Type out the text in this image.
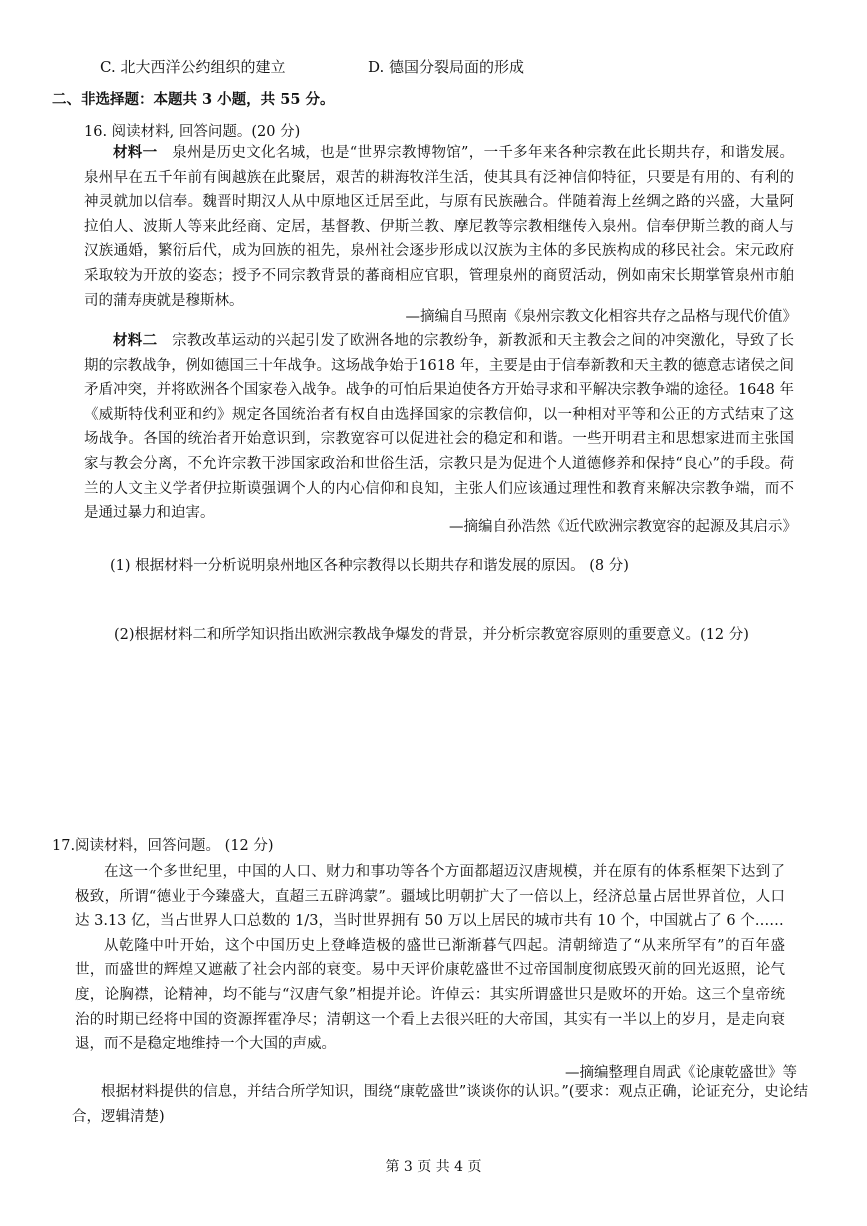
C. 北大西洋公约组织的建立	D. 德国分裂局面的形成
二、非选择题：本题共 3 小题，共 55 分。
16. 阅读材料, 回答问题。(20 分)

材料一  泉州是历史文化名城，也是“世界宗教博物馆”，一千多年来各种宗教在此长期共存，和谐发展。泉州早在五千年前有闽越族在此聚居，艰苦的耕海牧洋生活，使其具有泛神信仰特征，只要是有用的、有利的神灵就加以信奉。魏晋时期汉人从中原地区迁居至此，与原有民族融合。伴随着海上丝绸之路的兴盛，大量阿拉伯人、波斯人等来此经商、定居，基督教、伊斯兰教、摩尼教等宗教相继传入泉州。信奉伊斯兰教的商人与汉族通婚，繁衍后代，成为回族的祖先，泉州社会逐步形成以汉族为主体的多民族构成的移民社会。宋元政府采取较为开放的姿态；授予不同宗教背景的蕃商相应官职，管理泉州的商贸活动，例如南宋长期掌管泉州市舶司的蒲寿庚就是穆斯林。

—摘编自马照南《泉州宗教文化相容共存之品格与现代价值》

材料二  宗教改革运动的兴起引发了欧洲各地的宗教纷争，新教派和天主教会之间的冲突激化，导致了长期的宗教战争，例如德国三十年战争。这场战争始于1618 年，主要是由于信奉新教和天主教的德意志诸侯之间矛盾冲突，并将欧洲各个国家卷入战争。战争的可怕后果迫使各方开始寻求和平解决宗教争端的途径。1648 年《威斯特伐利亚和约》规定各国统治者有权自由选择国家的宗教信仰，以一种相对平等和公正的方式结束了这场战争。各国的统治者开始意识到，宗教宽容可以促进社会的稳定和和谐。一些开明君主和思想家进而主张国家与教会分离，不允许宗教干涉国家政治和世俗生活，宗教只是为促进个人道德修养和保持“良心”的手段。荷兰的人文主义学者伊拉斯谟强调个人的内心信仰和良知，主张人们应该通过理性和教育来解决宗教争端，而不是通过暴力和迫害。

—摘编自孙浩然《近代欧洲宗教宽容的起源及其启示》
(1) 根据材料一分析说明泉州地区各种宗教得以长期共存和谐发展的原因。 (8 分)
(2)根据材料二和所学知识指出欧洲宗教战争爆发的背景，并分析宗教宽容原则的重要意义。(12 分)
17.阅读材料，回答问题。 (12 分)

在这一个多世纪里，中国的人口、财力和事功等各个方面都超迈汉唐规模，并在原有的体系框架下达到了极致，所谓“德业于今臻盛大，直超三五辟鸿蒙”。疆域比明朝扩大了一倍以上，经济总量占居世界首位，人口达 3.13 亿，当占世界人口总数的 1/3，当时世界拥有 50 万以上居民的城市共有 10 个，中国就占了 6 个……

从乾隆中叶开始，这个中国历史上登峰造极的盛世已渐渐暮气四起。清朝缔造了“从来所罕有”的百年盛世，而盛世的辉煌又遮蔽了社会内部的衰变。易中天评价康乾盛世不过帝国制度彻底毁灭前的回光返照，论气度，论胸襟，论精神，均不能与“汉唐气象”相提并论。许倬云：其实所谓盛世只是败坏的开始。这三个皇帝统治的时期已经将中国的资源挥霍净尽；清朝这一个看上去很兴旺的大帝国，其实有一半以上的岁月，是走向衰退，而不是稳定地维持一个大国的声威。

—摘编整理自周武《论康乾盛世》等

根据材料提供的信息，并结合所学知识，围绕“康乾盛世”谈谈你的认识。”(要求：观点正确，论证充分，史论结合，逻辑清楚)

第 3 页 共 4 页
